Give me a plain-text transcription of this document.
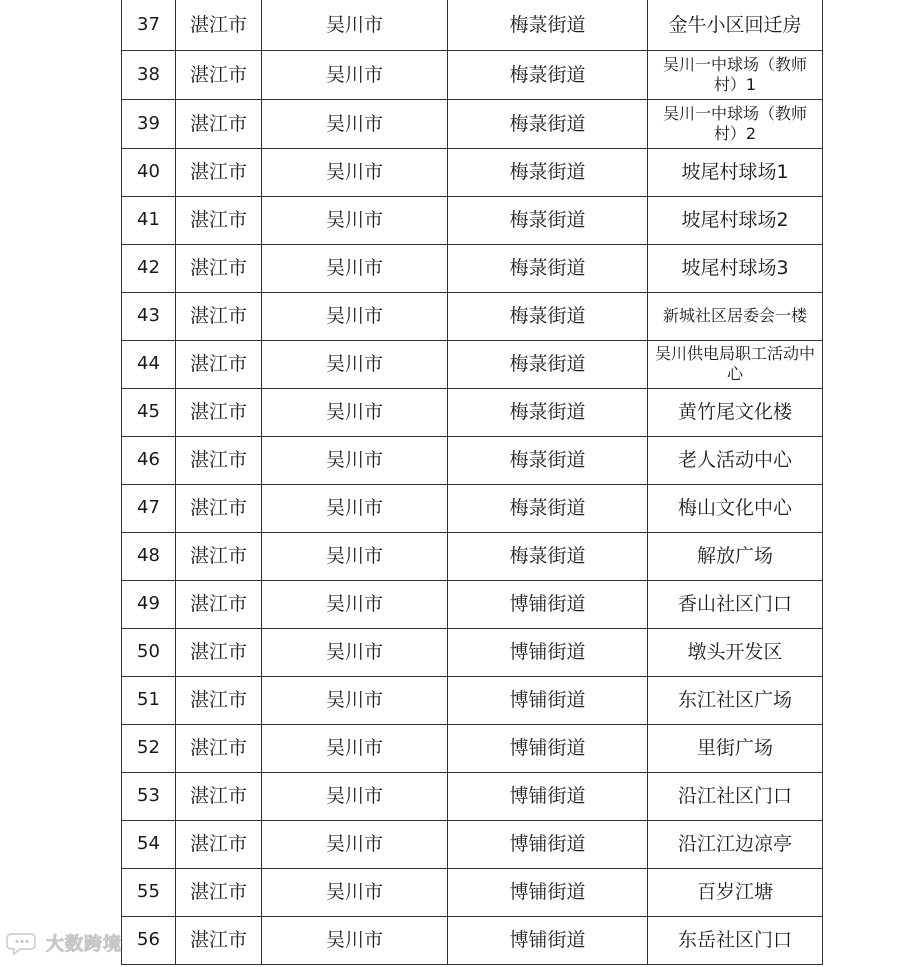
37	湛江市	吴川市	梅菉街道	金牛小区回迁房
38	湛江市	吴川市	梅菉街道	吴川一中球场（教师村）1
39	湛江市	吴川市	梅菉街道	吴川一中球场（教师村）2
40	湛江市	吴川市	梅菉街道	坡尾村球场1
41	湛江市	吴川市	梅菉街道	坡尾村球场2
42	湛江市	吴川市	梅菉街道	坡尾村球场3
43	湛江市	吴川市	梅菉街道	新城社区居委会一楼
44	湛江市	吴川市	梅菉街道	吴川供电局职工活动中心
45	湛江市	吴川市	梅菉街道	黄竹尾文化楼
46	湛江市	吴川市	梅菉街道	老人活动中心
47	湛江市	吴川市	梅菉街道	梅山文化中心
48	湛江市	吴川市	梅菉街道	解放广场
49	湛江市	吴川市	博铺街道	香山社区门口
50	湛江市	吴川市	博铺街道	墩头开发区
51	湛江市	吴川市	博铺街道	东江社区广场
52	湛江市	吴川市	博铺街道	里街广场
53	湛江市	吴川市	博铺街道	沿江社区门口
54	湛江市	吴川市	博铺街道	沿江江边凉亭
55	湛江市	吴川市	博铺街道	百岁江塘
56	湛江市	吴川市	博铺街道	东岳社区门口
大数跨境
